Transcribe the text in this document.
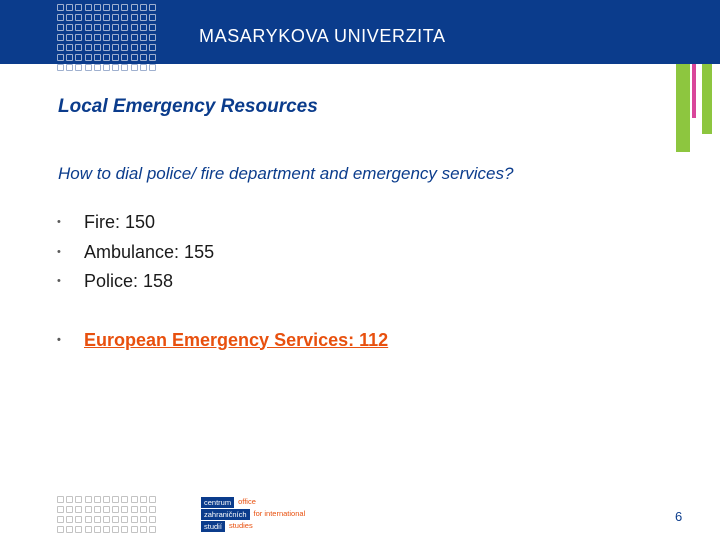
MASARYKOVA UNIVERZITA
Local Emergency Resources
How to dial police/ fire department and emergency services?
• Fire: 150
• Ambulance: 155
• Police: 158
• European Emergency Services: 112
centrum office
zahraničních for international
studií studies
6
